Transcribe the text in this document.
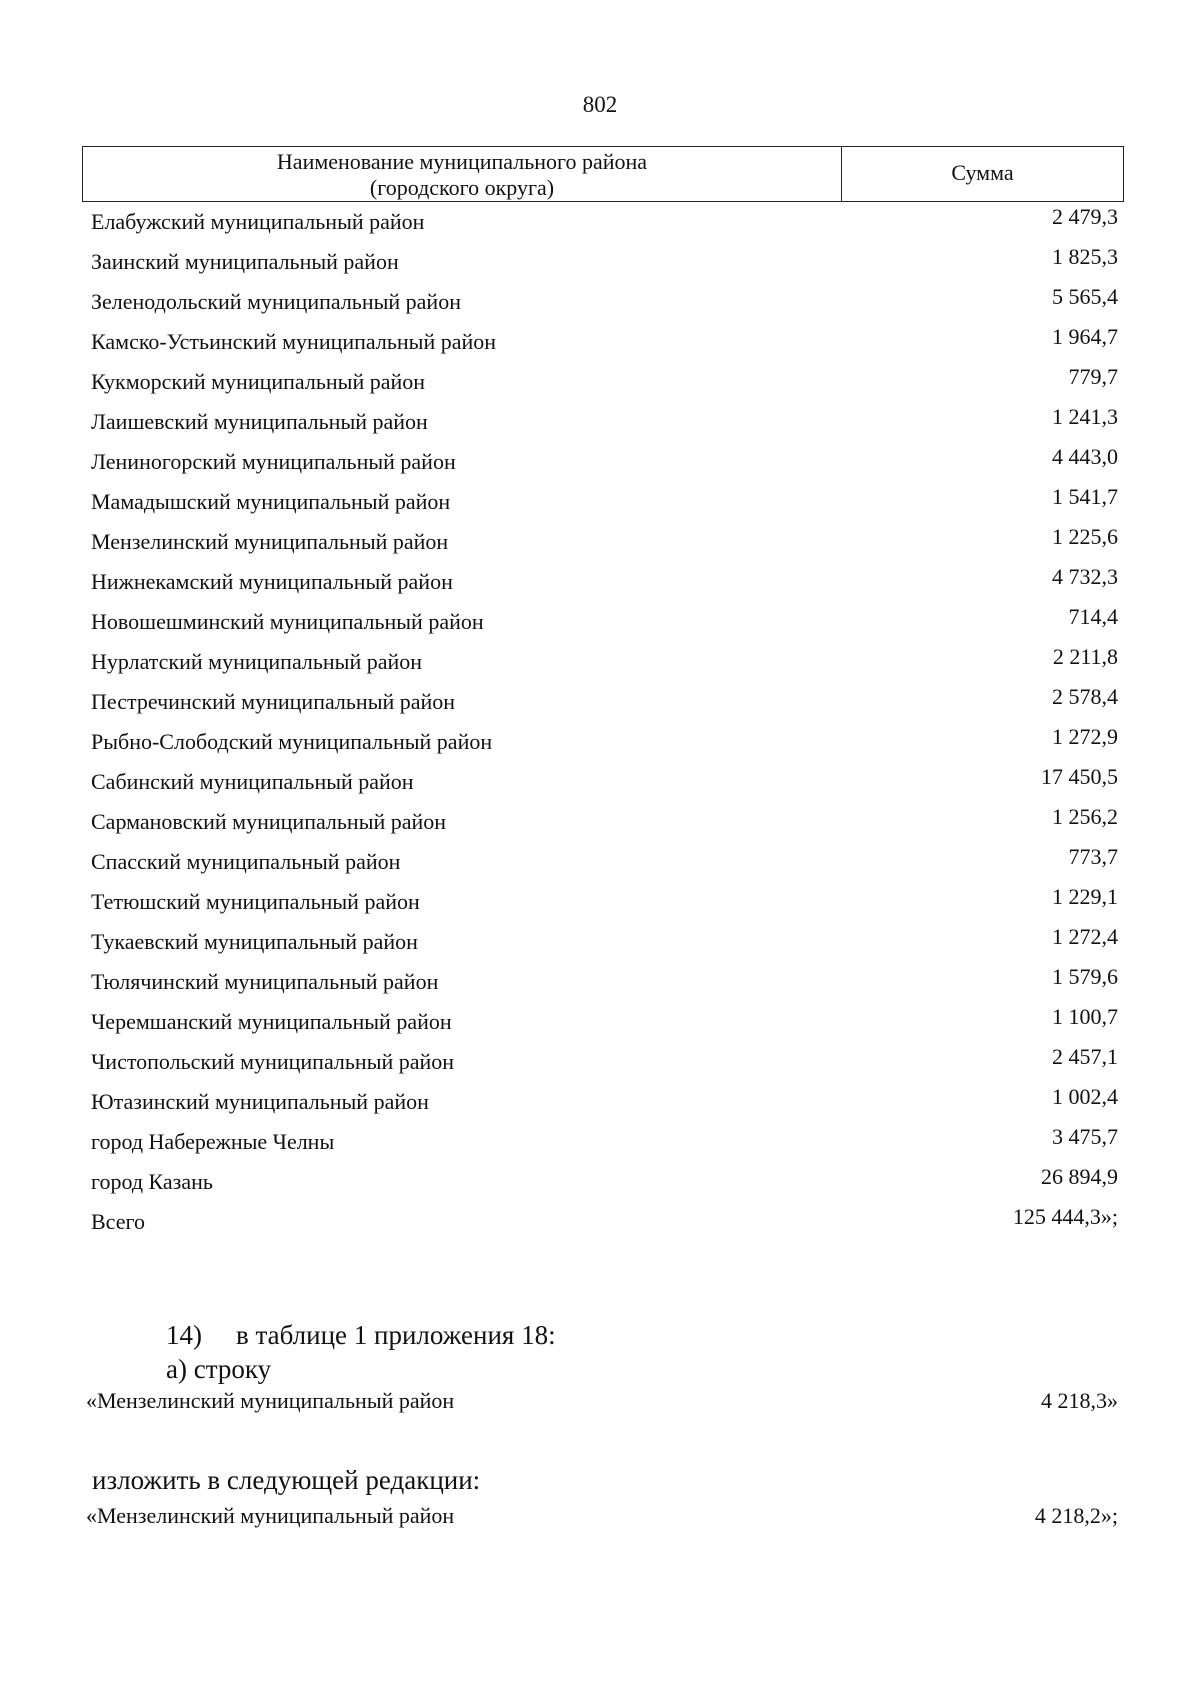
802
Наименование муниципального района
(городского округа)
Сумма
Елабужский муниципальный район	2 479,3
Заинский муниципальный район	1 825,3
Зеленодольский муниципальный район	5 565,4
Камско-Устьинский муниципальный район	1 964,7
Кукморский муниципальный район	779,7
Лаишевский муниципальный район	1 241,3
Лениногорский муниципальный район	4 443,0
Мамадышский муниципальный район	1 541,7
Мензелинский муниципальный район	1 225,6
Нижнекамский муниципальный район	4 732,3
Новошешминский муниципальный район	714,4
Нурлатский муниципальный район	2 211,8
Пестречинский муниципальный район	2 578,4
Рыбно-Слободский муниципальный район	1 272,9
Сабинский муниципальный район	17 450,5
Сармановский муниципальный район	1 256,2
Спасский муниципальный район	773,7
Тетюшский муниципальный район	1 229,1
Тукаевский муниципальный район	1 272,4
Тюлячинский муниципальный район	1 579,6
Черемшанский муниципальный район	1 100,7
Чистопольский муниципальный район	2 457,1
Ютазинский муниципальный район	1 002,4
город Набережные Челны	3 475,7
город Казань	26 894,9
Всего	125 444,3»;
14) в таблице 1 приложения 18:
а) строку
«Мензелинский муниципальный район	4 218,3»
изложить в следующей редакции:
«Мензелинский муниципальный район	4 218,2»;
